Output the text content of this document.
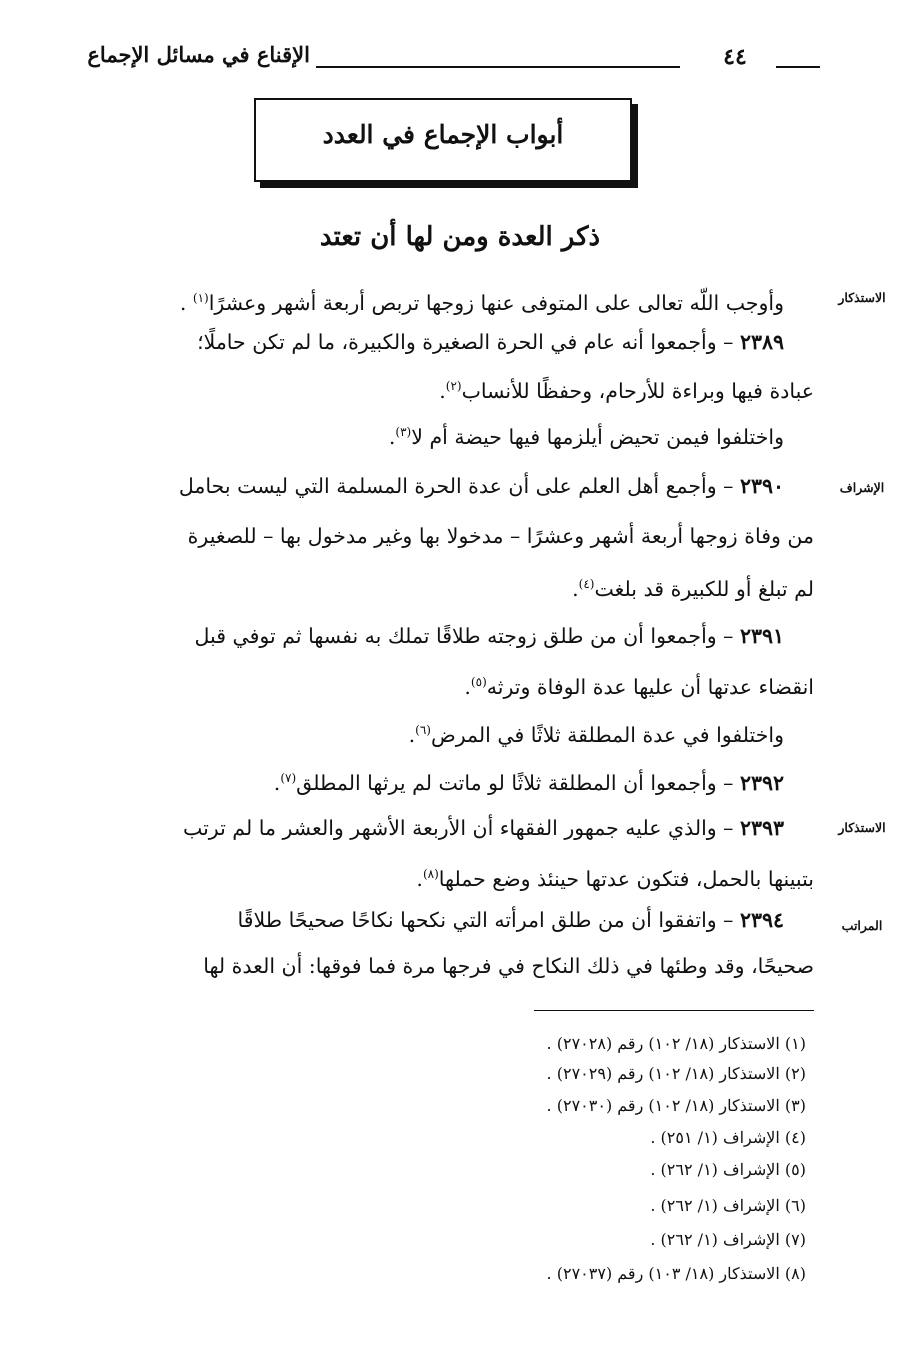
الإقناع في مسائل الإجماع	٤٤
أبواب الإجماع في العدد
ذكر العدة ومن لها أن تعتد
وأوجب اللّه تعالى على المتوفى عنها زوجها تربص أربعة أشهر وعشرًا$^{(١)}$ .
٢٣٨٩ – وأجمعوا أنه عام في الحرة الصغيرة والكبيرة، ما لم تكن حاملًا؛
عبادة فيها وبراءة للأرحام، وحفظًا للأنساب$^{(٢)}$.
واختلفوا فيمن تحيض أيلزمها فيها حيضة أم لا$^{(٣)}$.
٢٣٩٠ – وأجمع أهل العلم على أن عدة الحرة المسلمة التي ليست بحامل
من وفاة زوجها أربعة أشهر وعشرًا – مدخولا بها وغير مدخول بها – للصغيرة
لم تبلغ أو للكبيرة قد بلغت$^{(٤)}$.
٢٣٩١ – وأجمعوا أن من طلق زوجته طلاقًا تملك به نفسها ثم توفي قبل
انقضاء عدتها أن عليها عدة الوفاة وترثه$^{(٥)}$.
واختلفوا في عدة المطلقة ثلاثًا في المرض$^{(٦)}$.
٢٣٩٢ – وأجمعوا أن المطلقة ثلاثًا لو ماتت لم يرثها المطلق$^{(٧)}$.
٢٣٩٣ – والذي عليه جمهور الفقهاء أن الأربعة الأشهر والعشر ما لم ترتب
بتبينها بالحمل، فتكون عدتها حينئذ وضع حملها$^{(٨)}$.
٢٣٩٤ – واتفقوا أن من طلق امرأته التي نكحها نكاحًا صحيحًا طلاقًا
صحيحًا، وقد وطئها في ذلك النكاح في فرجها مرة فما فوقها: أن العدة لها
الاستذكار
الإشراف
الاستذكار
المراتب
(١) الاستذكار (١٨/ ١٠٢) رقم (٢٧٠٢٨) .
(٢) الاستذكار (١٨/ ١٠٢) رقم (٢٧٠٢٩) .
(٣) الاستذكار (١٨/ ١٠٢) رقم (٢٧٠٣٠) .
(٤) الإشراف (١/ ٢٥١) .
(٥) الإشراف (١/ ٢٦٢) .
(٦) الإشراف (١/ ٢٦٢) .
(٧) الإشراف (١/ ٢٦٢) .
(٨) الاستذكار (١٨/ ١٠٣) رقم (٢٧٠٣٧) .
